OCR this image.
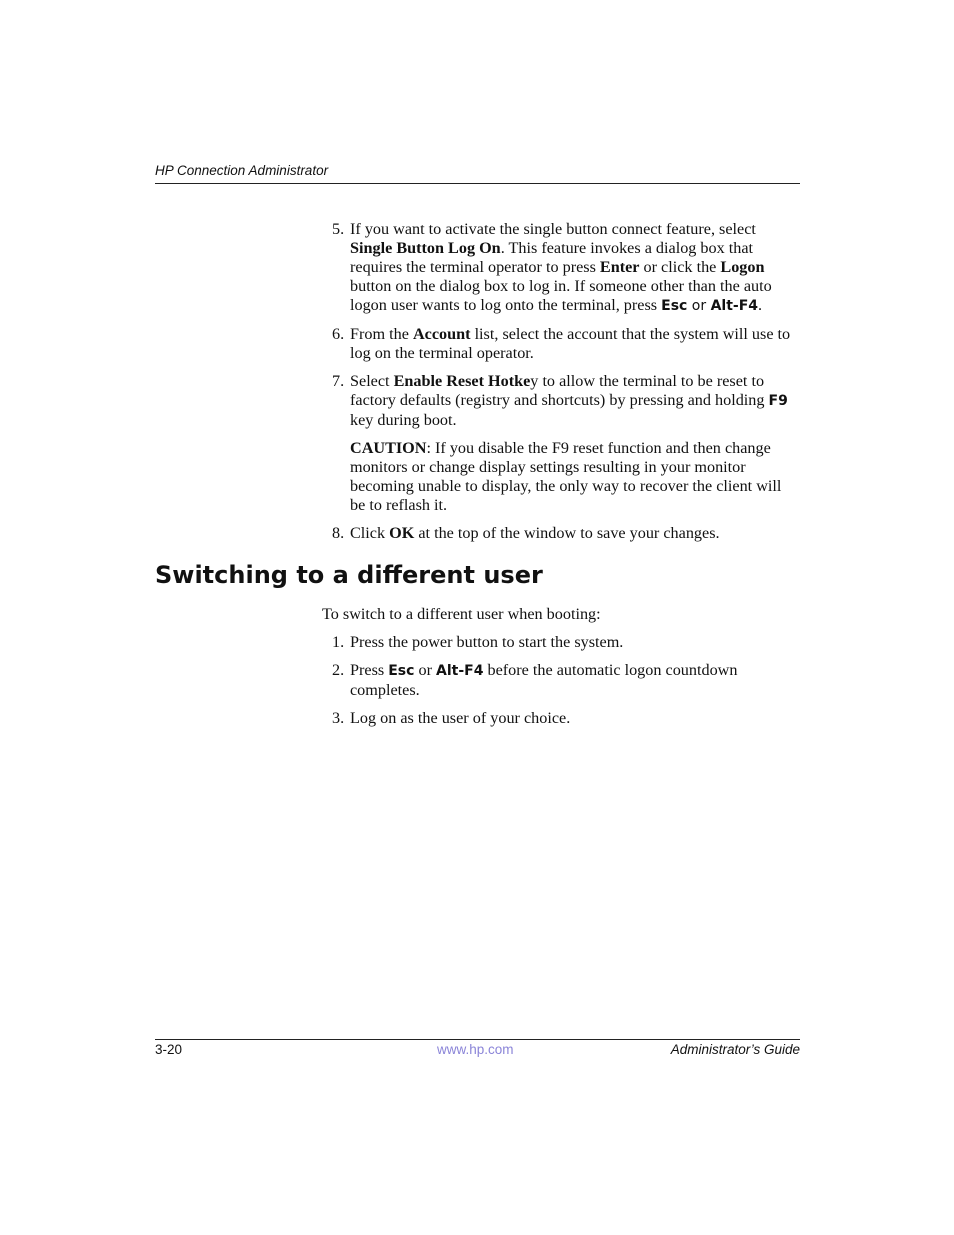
HP Connection Administrator
5. If you want to activate the single button connect feature, select Single Button Log On. This feature invokes a dialog box that requires the terminal operator to press Enter or click the Logon button on the dialog box to log in. If someone other than the auto logon user wants to log onto the terminal, press Esc or Alt-F4.
6. From the Account list, select the account that the system will use to log on the terminal operator.
7. Select Enable Reset Hotkey to allow the terminal to be reset to factory defaults (registry and shortcuts) by pressing and holding F9 key during boot.

CAUTION: If you disable the F9 reset function and then change monitors or change display settings resulting in your monitor becoming unable to display, the only way to recover the client will be to reflash it.

8. Click OK at the top of the window to save your changes.
Switching to a different user

To switch to a different user when booting:

1. Press the power button to start the system.
2. Press Esc or Alt-F4 before the automatic logon countdown completes.
3. Log on as the user of your choice.
3-20	www.hp.com	Administrator’s Guide
